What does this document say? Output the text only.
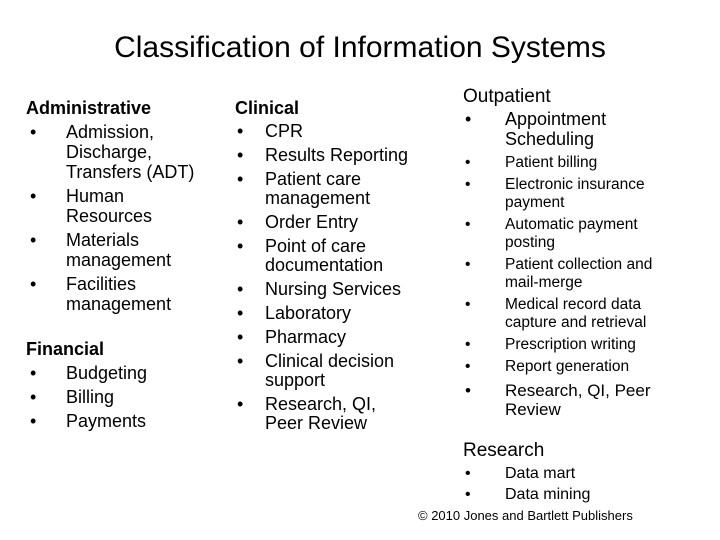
Classification of Information Systems
Administrative
• Admission,
Discharge,
Transfers (ADT)
• Human
Resources
• Materials
management
• Facilities
management
Financial
• Budgeting
• Billing
• Payments
Clinical
• CPR
• Results Reporting
• Patient care
management
• Order Entry
• Point of care
documentation
• Nursing Services
• Laboratory
• Pharmacy
• Clinical decision
support
• Research, QI,
Peer Review
Outpatient
• Appointment
Scheduling
• Patient billing
• Electronic insurance
payment
• Automatic payment
posting
• Patient collection and
mail-merge
• Medical record data
capture and retrieval
• Prescription writing
• Report generation
• Research, QI, Peer
Review
Research
• Data mart
• Data mining
© 2010 Jones and Bartlett Publishers
